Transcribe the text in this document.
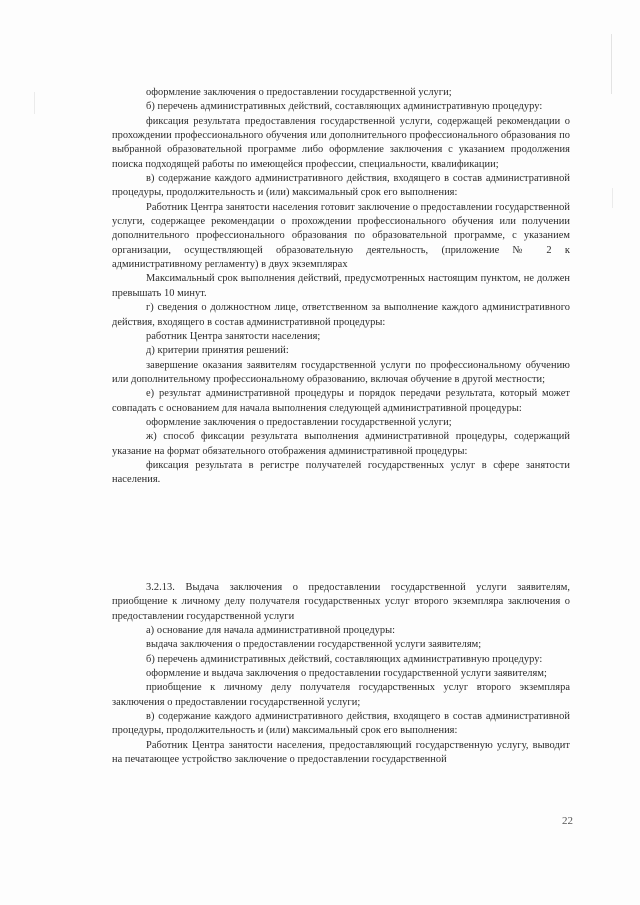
оформление заключения о предоставлении государственной услуги;

б) перечень административных действий, составляющих административную процедуру:

фиксация результата предоставления государственной услуги, содержащей рекомендации о прохождении профессионального обучения или дополнительного профессионального образования по выбранной образовательной программе либо оформление заключения с указанием продолжения поиска подходящей работы по имеющейся профессии, специальности, квалификации;

в) содержание каждого административного действия, входящего в состав административной процедуры, продолжительность и (или) максимальный срок его выполнения:

Работник Центра занятости населения готовит заключение о предоставлении государственной услуги, содержащее рекомендации о прохождении профессионального обучения или получении дополнительного профессионального образования по образовательной программе, с указанием организации, осуществляющей образовательную деятельность, (приложение № 2 к административному регламенту) в двух экземплярах

Максимальный срок выполнения действий, предусмотренных настоящим пунктом, не должен превышать 10 минут.

г) сведения о должностном лице, ответственном за выполнение каждого административного действия, входящего в состав административной процедуры:

работник Центра занятости населения;

д) критерии принятия решений:

завершение оказания заявителям государственной услуги по профессиональному обучению или дополнительному профессиональному образованию, включая обучение в другой местности;

е) результат административной процедуры и порядок передачи результата, который может совпадать с основанием для начала выполнения следующей административной процедуры:

оформление заключения о предоставлении государственной услуги;

ж) способ фиксации результата выполнения административной процедуры, содержащий указание на формат обязательного отображения административной процедуры:

фиксация результата в регистре получателей государственных услуг в сфере занятости населения.

3.2.13. Выдача заключения о предоставлении государственной услуги заявителям, приобщение к личному делу получателя государственных услуг второго экземпляра заключения о предоставлении государственной услуги

а) основание для начала административной процедуры:

выдача заключения о предоставлении государственной услуги заявителям;

б) перечень административных действий, составляющих административную процедуру:

оформление и выдача заключения о предоставлении государственной услуги заявителям;

приобщение к личному делу получателя государственных услуг второго экземпляра заключения о предоставлении государственной услуги;

в) содержание каждого административного действия, входящего в состав административной процедуры, продолжительность и (или) максимальный срок его выполнения:

Работник Центра занятости населения, предоставляющий государственную услугу, выводит на печатающее устройство заключение о предоставлении государственной

22
